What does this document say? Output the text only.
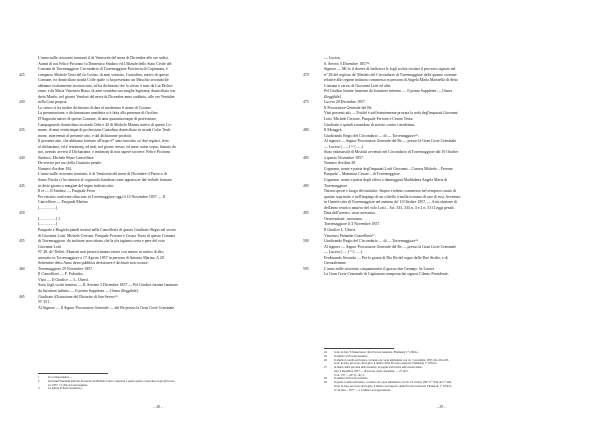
L'anno mille ottocento trentasei il di Ventisette del mese di Dicembre alle ore sedici.
Avanti di noi Felice Piccinno fu Domenico Sindaco ed Uffiziale dello Stato Civile del
Comune di Torremaggiore Circondario di Torremaggiore Provincia di Capitanata, è
425	comparso Michele Terzi del fu Cosmo, di anni ventotto, Custodino, nativo di questo
Comune, ivi domiciliato strada Colle quale ci ha presentato un Maschio secondochè
abbiamo ocularmente riconosciuto, ed ha dichiarato che lo stesso è nato da Lui Dichia-
rante, e da Maria Vincenza Biaso, di anni ventidue sua moglie legittima, domiciliata con
detto Marito, nel giorno Ventisei del mese di Dicembre anno suddetto, alle ore Ventidue
430	nella Casa propria.
Lo stesso ci ha inoltre dichiarato di dare al medesimo il nome di Cosimo
La presentazione, e dichiarazione anzidetta si è fatta alla presenza di Orofino
D'Augustin nativo di questo Comune, di anni quarantacinque di professione
Campagnuolo domiciliato in strada Orbe e 20 di Michele Marino nativo di questo Co-
435	mune, di anni venticinque di professione Custodino domiciliato in strada Colce Tenk-
mone, intervenuti al presente atto, e dal dichiarante prodotti.
Il presente atto, che abbiamo formato all'uopo é* stato inscritto su' due registri, letto
al dichiarante, ed a' testimonj, ed indi, nel giorno stesso, ed mese come sopra, firmato da
noi, avendo avverti il Dichiarante, e testimonj di non sapere scrivere. Felice Piccinno
440	Sindaco, Michele Biase Cancelliere.
Da servire per uso della Giustizia penale.
Numero d'ordine 184.
L'anno mille ottocento trentasei, il di Ventisette del mese di Dicembre il Parroco di
Santo Nicola ci ha rimessò al cognacolo bandista come appariscer dal verbale formato
445	in detto giorno a margine del segno indicato atto.
Il re — Il Sindaco — Pasquale Ferro
Per estratto conforme rilasciato in Torremaggiore oggi li 10 Novembre 1857 — Il
Cancelliere — Pasquale Mattiro
[.................]
450
[.................] 1
[.................]
Pasquale e Biagiola piendi teriniti nella Cancelleria di questo Giudicato Regio nel vostro
di Giovanni Lotti, Michele Cerrone, Pasquale Ferrone e Cesare Terza di questo Comune
455	di Torremaggiore, da inoltrare non ritirato ché la ola tagianto certa e pere del voto
Giovanni Lotti
N° 28. de' Delitti. Mancati non persorti amano esiere con mezzo in nativo di alto,
arrestato in Torremaggiore a 17 Agosto 1857 in persona di Antonio Marina. A 28
Settembre detto Anno detto pubblica decisionee é dichiarò non costare.
460	Torremaggiore 29 Novembre 1857.
Il Cancelliere — F. Palombo.
Visto — Il Giudice — L. Uberti.
Sono fogli scritti numero — Il, Serrano 5 Dicembre 1857 — Pel Giudice furante funzione
da Istruttore infinito — Il primo Supplente — [firma illeggibile].
465	Giudicato d'Istruzione del Distretto di San Severo²³.
N° 251.
Al Signore — Il Signor Procuratore Generale — del Re presso la Gran Corte Criminale
1	In corrispondenza ...
2	Giovanni Fastadini nell'atto di nascita di Michele Cancro, depositó a questo punto a riproduce sopra (Procura-
tor 1857, 7), 204 non enclosegiate.
3	Le lettere di Iberia Giudicato.
– 28 –
— Lucera.
S. Severo 5 Dicembre 1857²⁴.
Signore — Mi fo il dovere di inoltrarvi le fogli scritte vestiari il processo signato nel
470	n° 28 del registro de' Misfatti del Circondario di Torremaggiore delle quamo cocenne
relative allo regime notturno commessa in persona di Angela Maria Marinella di detto
Comune a carico di Giovanni Lotti ed altri.
Pel Giudice Istante funzione da Istruttore infermo — Il primo Supplente — [firma
illeggibile]
475	Lucera 28 Dicembre 1857.
Il Procuratore Generale del Re
Visti presenti atti — Poiché è sufficientemente provata la reità degl'imputati Giovanni
Lotti, Michele Cerrone, Pasquale Ferrone e Cesare Terza.
Giudicate e quindi a mandare di arresto contro i medesimi.
480	Il Moaggrà.
Giudicando Regio del Circondario — di — Torremaggiore²⁵.
Al signore — Signor Procuratore Generale del Re — presso la Gran Corte Criminale
— Lucera [.......] ²⁶ [......].
Stato estimarsalt di Misfatti avvenuti nel Circondario di Torremaggiore dal 10 Ottobre
485	a questo Novembre 1857.
Numero d'ordine 28.
Cognome, nome e patria degl'imputati Lotti Giovanni – Carrera Michele – Ferrone
Pasquale – Mammuri Cesare – di Torremaggiore.
Cognome, nome e patria degli offesi o danneggiati Maddalena Angela Maria di
490	Torremaggiore.
Natura specie e luogo del misfatto: Stupro violento commesso nel sempreco strato di
quattro soprinole, e nell'impiego di un coltello a molla in mano di uno di essi, Avvenuto
in Gemiti-citta di Torremaggiore nel mattino de' 10 Ottobre 1857. — Articolazione di
dell'anno teatrico nautivo del volo Lotti... Art. 333, 334 n. 3 e 2 n. 531 Leggi penali.
495	Data dell'arresto: «non arrestato».
Osservazioni: «nessuna»
Torremaggiore li 3 Novembre 1857.
Il Giudice L. Uberti.
Vincenzo Palumbo Cancelliere²⁷.
500	Giudicando Regio del Circondario — di — Torremaggiore²⁸.
Al signore — Signor Procuratore Generale del Re — presso la Gran Corte Criminale
— Lucera [......] ²⁹ [......].
Ferdinando Secondo — Per la grazia di Dio Re del regno delle Due Sicilie, e di
Gerusalemme.
505	L'anno mille ottocento cinquantasette il giorno due Gennajo. In Lucera
La Gran Corte Criminale di Capitanata composta dai signori Cilento Presidente,
24 Sotto la data 'S Sanserverso' alla Procura Generale. Flumendy 1° Ufficio.
25 In timbro di Procura Giudice.
26 In timbro la stella nel bianco, la messa da copia ammaniata con ch. 3 novembre 1857-241-261-263.
Sotto la data, nel verso del foglio, il timbro della Procura Generale. Flumendy 1° Ufficio.
27 A fianco della piú data della Giudice, la pagina scrivetrata nella stessa mano.
sino 3 Dicembre 1877 — di Lucera, sigla cancellata, — 27 ritrò.
Z ad. 137 — 227 (f. ris.) 1.
28 In timbro di Procura Giudice.
29 In parte la stella nel bianco, la messa da copia ammaniata con ch. 10 ottobre 1857 n° 7914 del 1° 240,
Sotto la data, nel verso del foglio, il timbro sovrapposto della Procura Generale. Flumendy 1° Ufficio,
n° 24 data... 1977 — e il timbro sovrapposizione.
– 29 –
